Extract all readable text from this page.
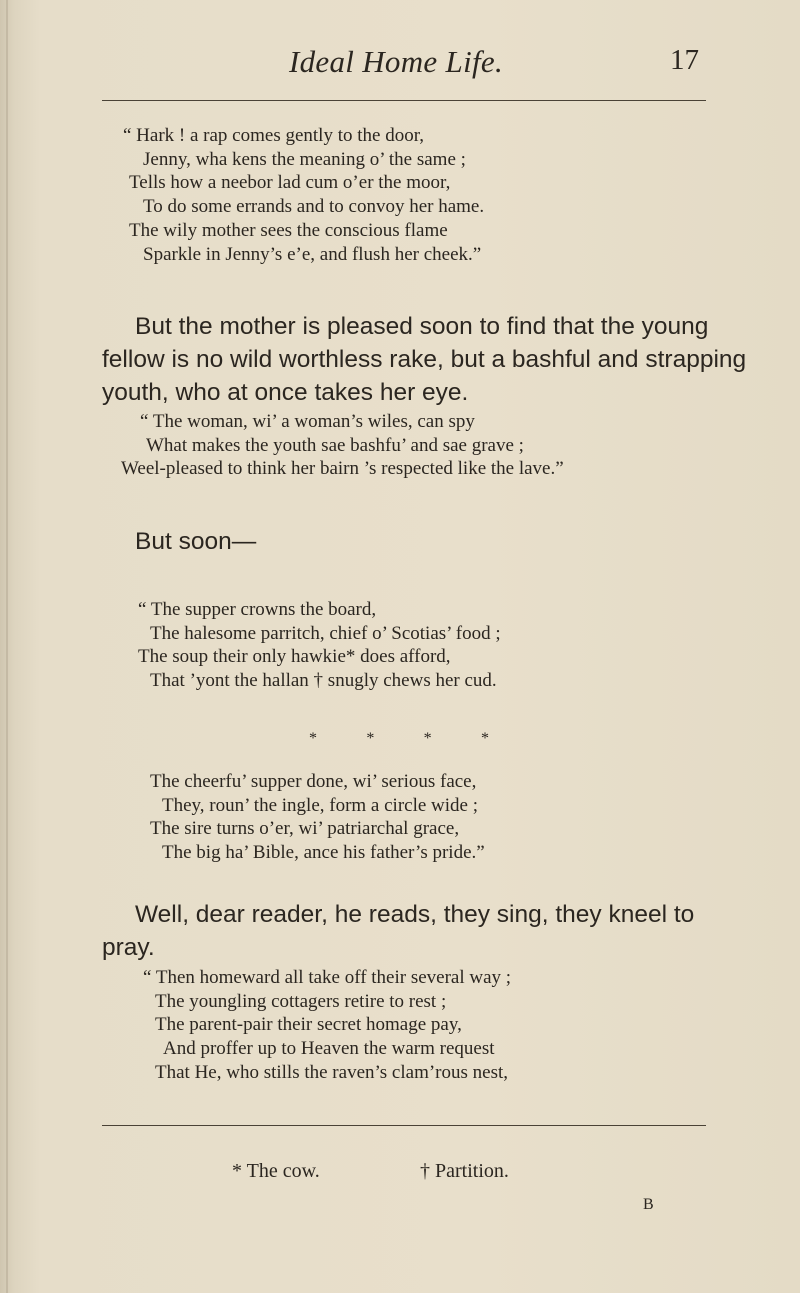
Ideal Home Life.	17
“ Hark ! a rap comes gently to the door,
Jenny, wha kens the meaning o’ the same ;
Tells how a neebor lad cum o’er the moor,
To do some errands and to convoy her hame.
The wily mother sees the conscious flame
Sparkle in Jenny’s e’e, and flush her cheek.”
But the mother is pleased soon to find that the young
fellow is no wild worthless rake, but a bashful and strapping
youth, who at once takes her eye.
“ The woman, wi’ a woman’s wiles, can spy
What makes the youth sae bashfu’ and sae grave ;
Weel-pleased to think her bairn ’s respected like the lave.”
But soon—
“ The supper crowns the board,
The halesome parritch, chief o’ Scotias’ food ;
The soup their only hawkie* does afford,
That ’yont the hallan † snugly chews her cud.
*	*	*	*
The cheerfu’ supper done, wi’ serious face,
They, roun’ the ingle, form a circle wide ;
The sire turns o’er, wi’ patriarchal grace,
The big ha’ Bible, ance his father’s pride.”
Well, dear reader, he reads, they sing, they kneel to
pray.
“ Then homeward all take off their several way ;
The youngling cottagers retire to rest ;
The parent-pair their secret homage pay,
And proffer up to Heaven the warm request
That He, who stills the raven’s clam’rous nest,
* The cow.	† Partition.
B
